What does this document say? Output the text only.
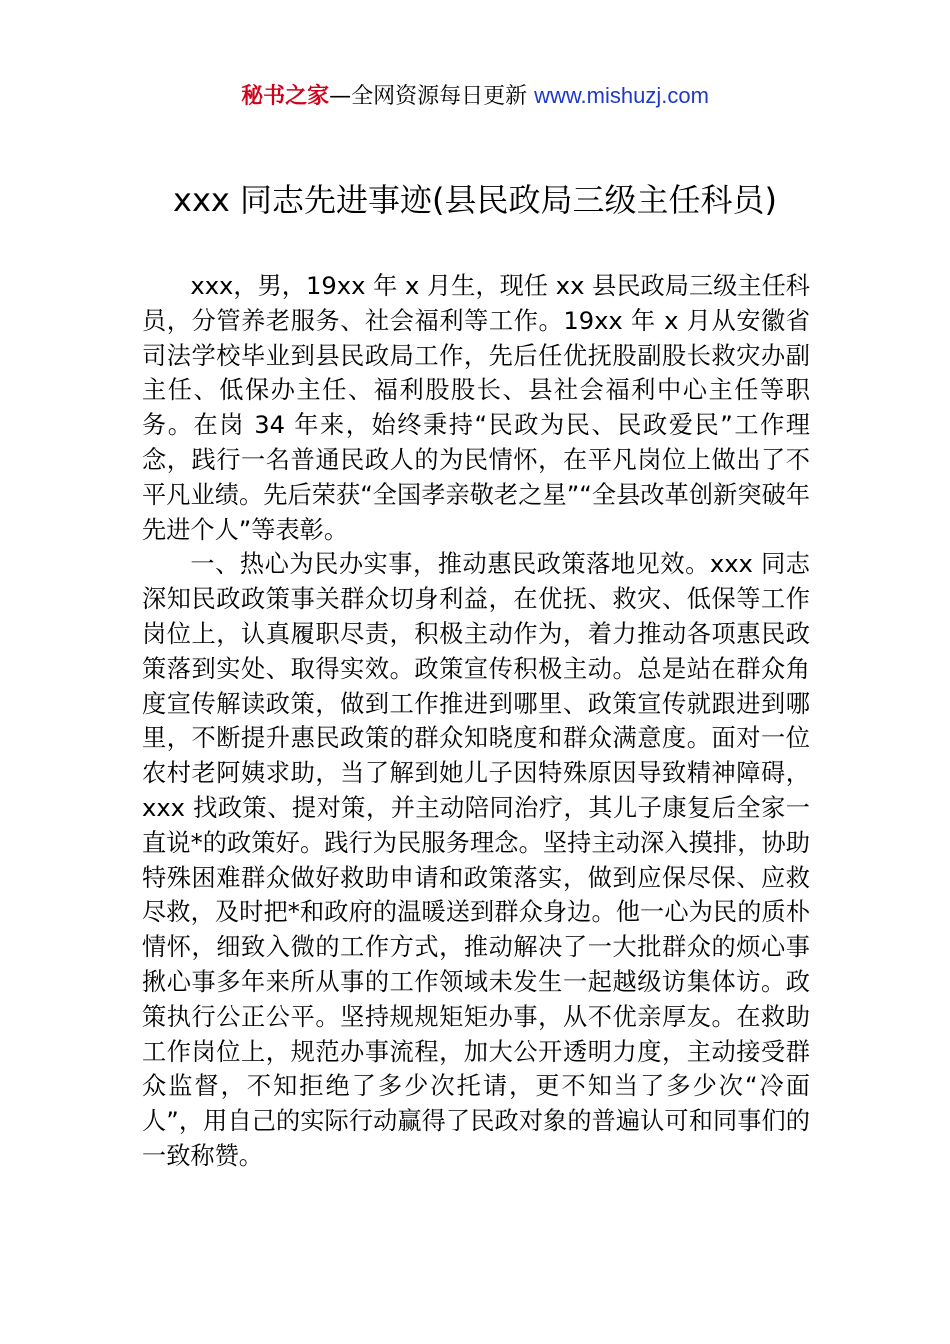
秘书之家—全网资源每日更新 www.mishuzj.com
xxx 同志先进事迹(县民政局三级主任科员)

xxx，男，19xx 年 x 月生，现任 xx 县民政局三级主任科员，分管养老服务、社会福利等工作。19xx 年 x 月从安徽省司法学校毕业到县民政局工作，先后任优抚股副股长救灾办副主任、低保办主任、福利股股长、县社会福利中心主任等职务。在岗 34 年来，始终秉持“民政为民、民政爱民”工作理念，践行一名普通民政人的为民情怀，在平凡岗位上做出了不平凡业绩。先后荣获“全国孝亲敬老之星”“全县改革创新突破年先进个人”等表彰。

一、热心为民办实事，推动惠民政策落地见效。xxx 同志深知民政政策事关群众切身利益，在优抚、救灾、低保等工作岗位上，认真履职尽责，积极主动作为，着力推动各项惠民政策落到实处、取得实效。政策宣传积极主动。总是站在群众角度宣传解读政策，做到工作推进到哪里、政策宣传就跟进到哪里，不断提升惠民政策的群众知晓度和群众满意度。面对一位农村老阿姨求助，当了解到她儿子因特殊原因导致精神障碍，xxx 找政策、提对策，并主动陪同治疗，其儿子康复后全家一直说*的政策好。践行为民服务理念。坚持主动深入摸排，协助特殊困难群众做好救助申请和政策落实，做到应保尽保、应救尽救，及时把*和政府的温暖送到群众身边。他一心为民的质朴情怀，细致入微的工作方式，推动解决了一大批群众的烦心事揪心事多年来所从事的工作领域未发生一起越级访集体访。政策执行公正公平。坚持规规矩矩办事，从不优亲厚友。在救助工作岗位上，规范办事流程，加大公开透明力度，主动接受群众监督，不知拒绝了多少次托请，更不知当了多少次“冷面人”，用自己的实际行动赢得了民政对象的普遍认可和同事们的一致称赞。
